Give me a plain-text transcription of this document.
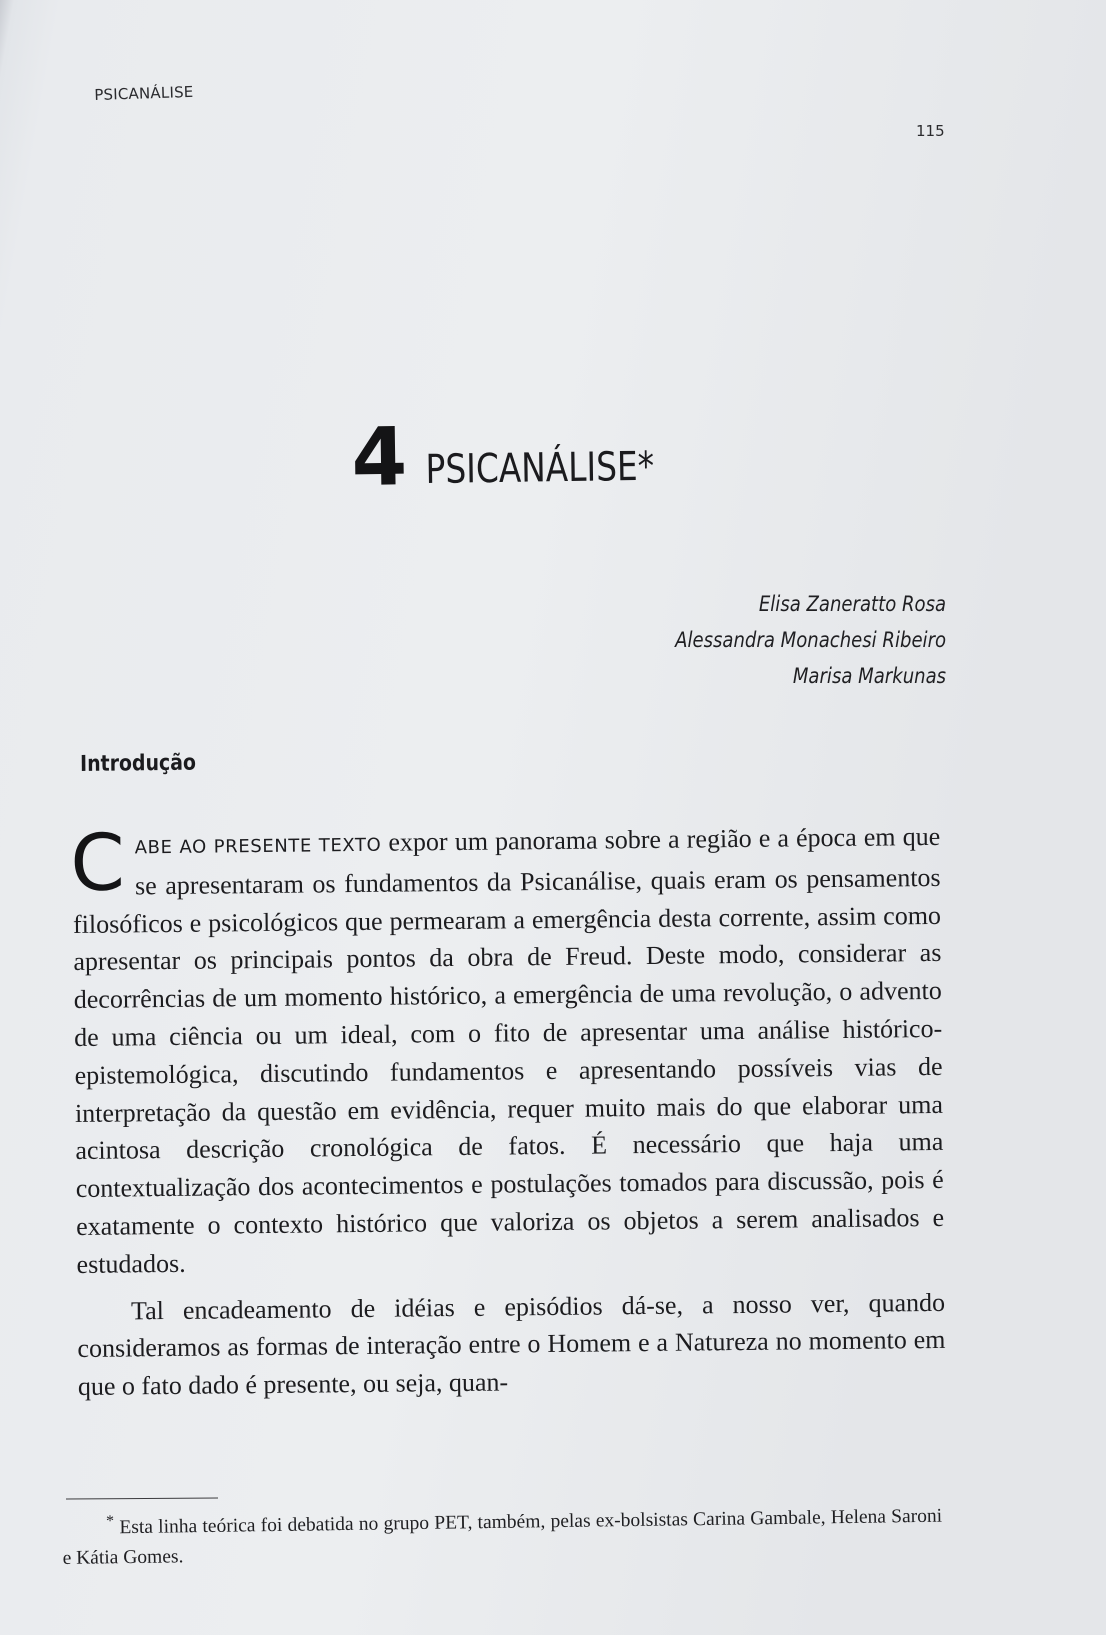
PSICANÁLISE
115
4 PSICANÁLISE*
Elisa Zaneratto Rosa
Alessandra Monachesi Ribeiro
Marisa Markunas
Introdução

CABE AO PRESENTE TEXTO expor um panorama sobre a região e a época em que se apresentaram os fundamentos da Psicanálise, quais eram os pensamentos filosóficos e psicológicos que permearam a emergência desta corrente, assim como apresentar os principais pontos da obra de Freud. Deste modo, considerar as decorrências de um momento histórico, a emergência de uma revolução, o advento de uma ciência ou um ideal, com o fito de apresentar uma análise histórico-epistemológica, discutindo fundamentos e apresentando possíveis vias de interpretação da questão em evidência, requer muito mais do que elaborar uma acintosa descrição cronológica de fatos. É necessário que haja uma contextualização dos acontecimentos e postulações tomados para discussão, pois é exatamente o contexto histórico que valoriza os objetos a serem analisados e estudados.

Tal encadeamento de idéias e episódios dá-se, a nosso ver, quando consideramos as formas de interação entre o Homem e a Natureza no momento em que o fato dado é presente, ou seja, quan-

* Esta linha teórica foi debatida no grupo PET, também, pelas ex-bolsistas Carina Gambale, Helena Saroni e Kátia Gomes.
